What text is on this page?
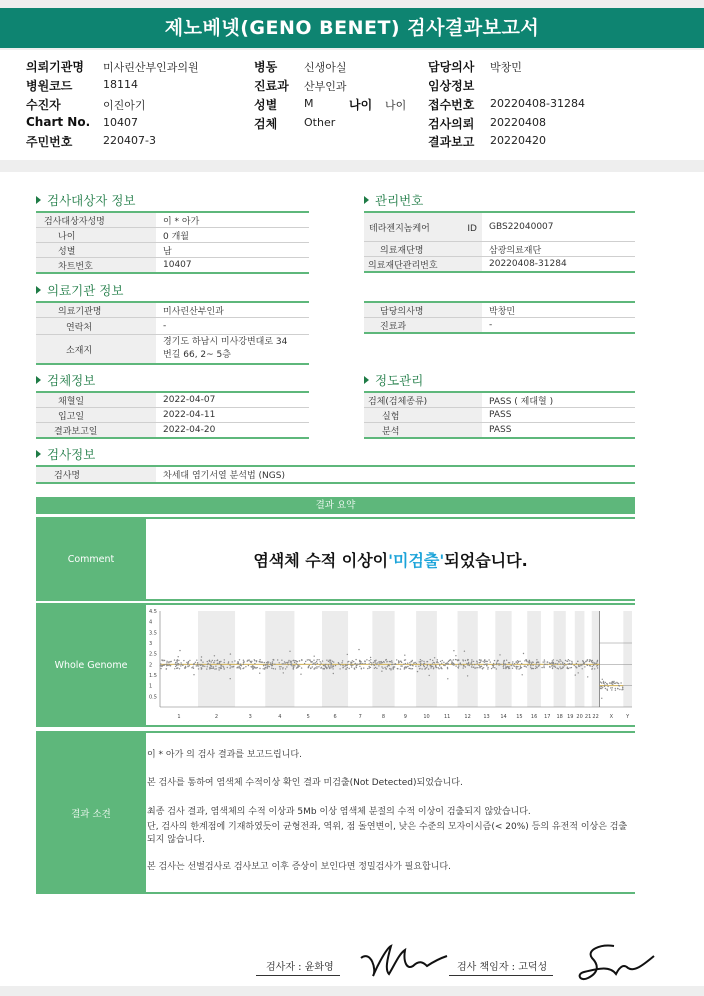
제노베넷(GENO BENET) 검사결과보고서
의뢰기관명 미사린산부인과의원
병원코드	18114
수진자	이진아기
Chart No. 10407
주민번호	220407-3
병동 신생아실
진료과 산부인과
성별 M	나이 나이
검체 Other
담당의사 박창민
임상정보
접수번호 20220408-31284
검사의뢰 20220408
결과보고 20220420
검사대상자 정보
검사대상자성명	이 * 아가
나이	0 개월
성별	남
차트번호	10407
관리번호
테라젠지놈케어 ID GBS22040007
의료재단명	삼광의료재단
의료재단관리번호	20220408-31284
의료기관 정보
의료기관명	미사린산부인과
연락처	-
소재지
경기도 하남시 미사강변대로 34
번길 66, 2~ 5층
담당의사명	박창민
진료과	-
검체정보
채혈일	2022-04-07
입고일	2022-04-11
결과보고일	2022-04-20
정도관리
검체(검체종류)	PASS ( 제대혈 )
실험	PASS
분석	PASS
검사정보
검사명	차세대 염기서열 분석법 (NGS)
결과 요약
Comment	염색체 수적 이상이 '미검출' 되었습니다.
Whole Genome
4.5
4
3.5
3
2.5
2
1.5
1
0.5
1	2	3	4	5	6	7	8	9	10	11	12	13 14 15 16 17 18 19 20 21 22 X	Y
결과 소견
이 * 아가 의 검사 결과를 보고드립니다.
본 검사를 통하여 염색체 수적이상 확인 결과 미검출(Not Detected)되었습니다.
최종 검사 결과, 염색체의 수적 이상과 5Mb 이상 염색체 분절의 수적 이상이 검출되지 않았습니다.
단, 검사의 한계점에 기재하였듯이 균형전좌, 역위, 점 돌연변이, 낮은 수준의 모자이시즘(< 20%) 등의 유전적 이상은 검출되지 않습니다.
본 검사는 선별검사로 검사보고 이후 증상이 보인다면 정밀검사가 필요합니다.
검사자 : 윤화영	검사 책임자 : 고덕성
